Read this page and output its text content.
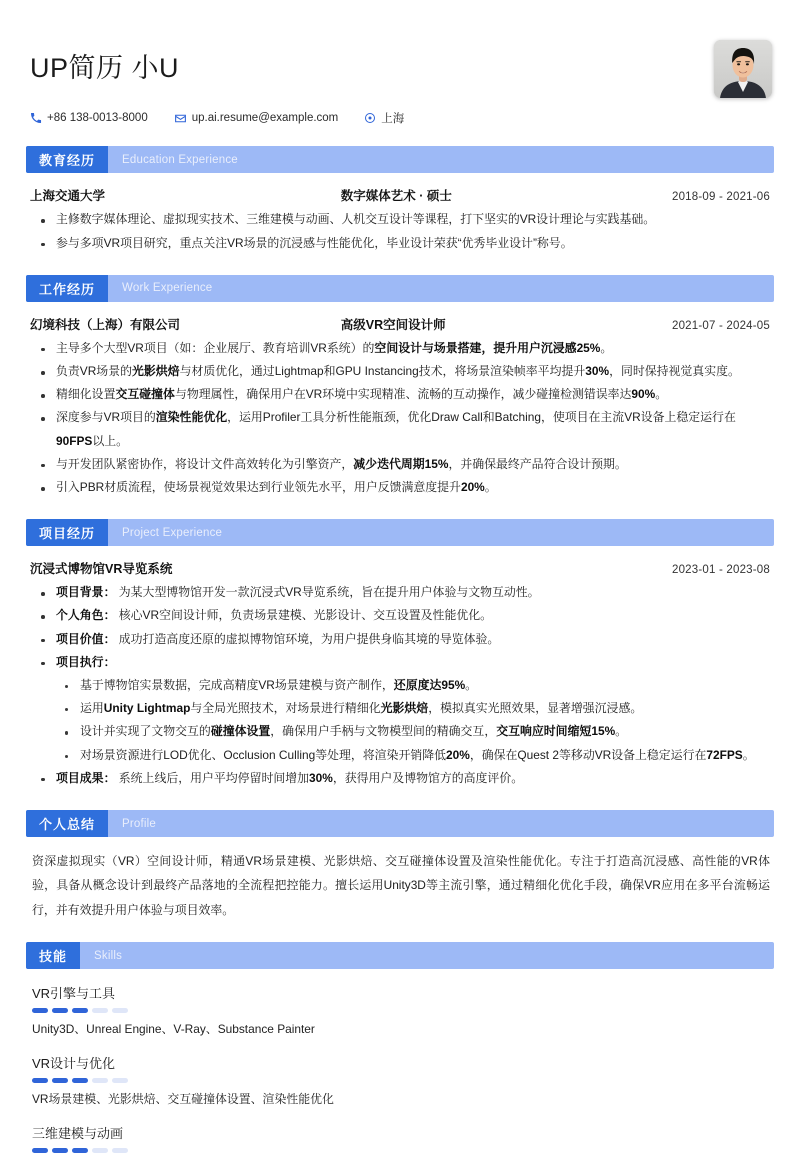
UP简历 小U
+86 138-0013-8000	up.ai.resume@example.com	上海
教育经历	Education Experience
上海交通大学	数字媒体艺术 · 硕士	2018-09 - 2021-06
主修数字媒体理论、虚拟现实技术、三维建模与动画、人机交互设计等课程，打下坚实的VR设计理论与实践基础。
参与多项VR项目研究，重点关注VR场景的沉浸感与性能优化，毕业设计荣获“优秀毕业设计”称号。
工作经历	Work Experience
幻境科技（上海）有限公司	高级VR空间设计师	2021-07 - 2024-05
主导多个大型VR项目（如：企业展厅、教育培训VR系统）的空间设计与场景搭建，提升用户沉浸感25%。
负责VR场景的光影烘焙与材质优化，通过Lightmap和GPU Instancing技术，将场景渲染帧率平均提升30%，同时保持视觉真实度。
精细化设置交互碰撞体与物理属性，确保用户在VR环境中实现精准、流畅的互动操作，减少碰撞检测错误率达90%。
深度参与VR项目的渲染性能优化，运用Profiler工具分析性能瓶颈，优化Draw Call和Batching，使项目在主流VR设备上稳定运行在90FPS以上。
与开发团队紧密协作，将设计文件高效转化为引擎资产，减少迭代周期15%，并确保最终产品符合设计预期。
引入PBR材质流程，使场景视觉效果达到行业领先水平，用户反馈满意度提升20%。
项目经历	Project Experience
沉浸式博物馆VR导览系统	2023-01 - 2023-08
项目背景： 为某大型博物馆开发一款沉浸式VR导览系统，旨在提升用户体验与文物互动性。
个人角色： 核心VR空间设计师，负责场景建模、光影设计、交互设置及性能优化。
项目价值： 成功打造高度还原的虚拟博物馆环境，为用户提供身临其境的导览体验。
项目执行：
基于博物馆实景数据，完成高精度VR场景建模与资产制作，还原度达95%。
运用Unity Lightmap与全局光照技术，对场景进行精细化光影烘焙，模拟真实光照效果，显著增强沉浸感。
设计并实现了文物交互的碰撞体设置，确保用户手柄与文物模型间的精确交互，交互响应时间缩短15%。
对场景资源进行LOD优化、Occlusion Culling等处理，将渲染开销降低20%，确保在Quest 2等移动VR设备上稳定运行在72FPS。
项目成果： 系统上线后，用户平均停留时间增加30%，获得用户及博物馆方的高度评价。
个人总结	Profile
资深虚拟现实（VR）空间设计师，精通VR场景建模、光影烘焙、交互碰撞体设置及渲染性能优化。专注于打造高沉浸感、高性能的VR体验，具备从概念设计到最终产品落地的全流程把控能力。擅长运用Unity3D等主流引擎，通过精细化优化手段，确保VR应用在多平台流畅运行，并有效提升用户体验与项目效率。
技能	Skills
VR引擎与工具
Unity3D、Unreal Engine、V-Ray、Substance Painter
VR设计与优化
VR场景建模、光影烘焙、交互碰撞体设置、渲染性能优化
三维建模与动画
